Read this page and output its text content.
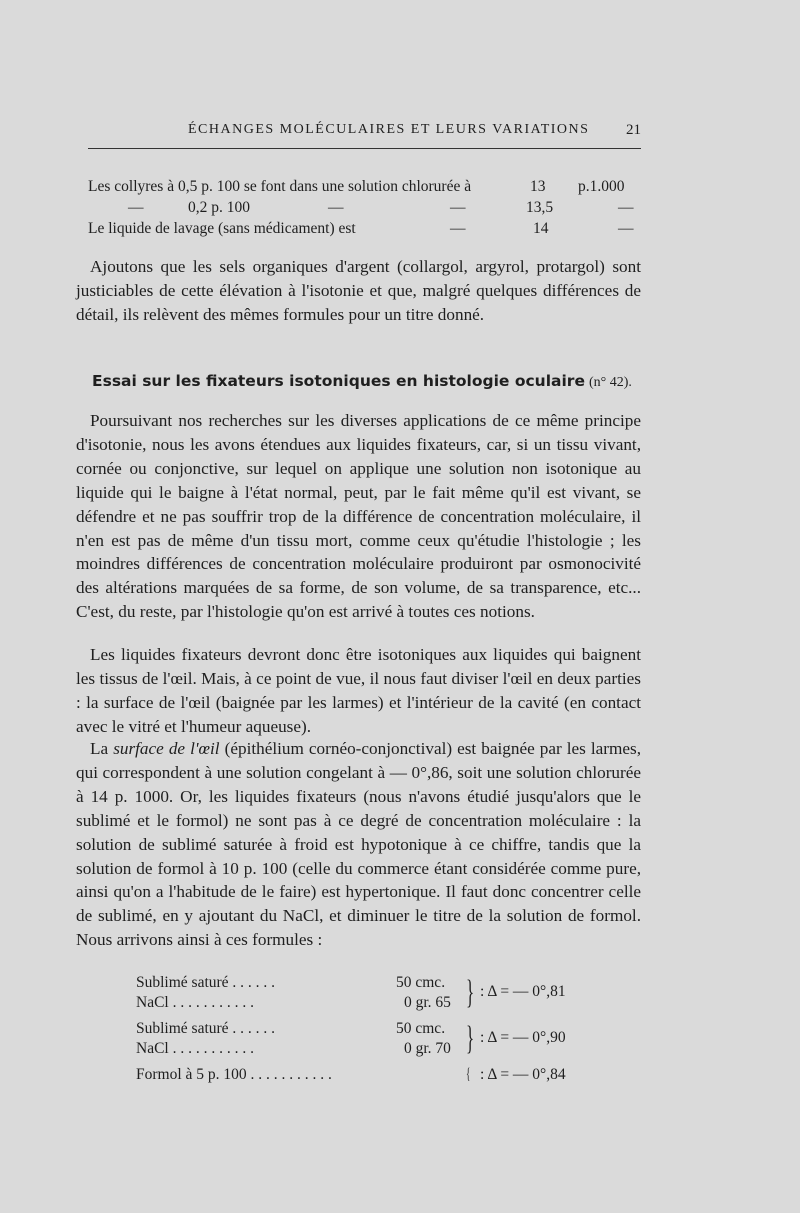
ÉCHANGES MOLÉCULAIRES ET LEURS VARIATIONS 21
Les collyres à 0,5 p. 100 se font dans une solution chlorurée à	13 p.1.000
—	0,2 p. 100	—	—	13,5	—
Le liquide de lavage (sans médicament) est	—	14	—

Ajoutons que les sels organiques d'argent (collargol, argyrol, protargol) sont justiciables de cette élévation à l'isotonie et que, malgré quelques différences de détail, ils relèvent des mêmes formules pour un titre donné.

Essai sur les fixateurs isotoniques en histologie oculaire (n° 42).

Poursuivant nos recherches sur les diverses applications de ce même principe d'isotonie, nous les avons étendues aux liquides fixateurs, car, si un tissu vivant, cornée ou conjonctive, sur lequel on applique une solution non isotonique au liquide qui le baigne à l'état normal, peut, par le fait même qu'il est vivant, se défendre et ne pas souffrir trop de la différence de concentration moléculaire, il n'en est pas de même d'un tissu mort, comme ceux qu'étudie l'histologie ; les moindres différences de concentration moléculaire produiront par osmonocivité des altérations marquées de sa forme, de son volume, de sa transparence, etc... C'est, du reste, par l'histologie qu'on est arrivé à toutes ces notions.

Les liquides fixateurs devront donc être isotoniques aux liquides qui baignent les tissus de l'œil. Mais, à ce point de vue, il nous faut diviser l'œil en deux parties : la surface de l'œil (baignée par les larmes) et l'intérieur de la cavité (en contact avec le vitré et l'humeur aqueuse).

La surface de l'œil (épithélium cornéo-conjonctival) est baignée par les larmes, qui correspondent à une solution congelant à — 0°,86, soit une solution chlorurée à 14 p. 1000. Or, les liquides fixateurs (nous n'avons étudié jusqu'alors que le sublimé et le formol) ne sont pas à ce degré de concentration moléculaire : la solution de sublimé saturée à froid est hypotonique à ce chiffre, tandis que la solution de formol à 10 p. 100 (celle du commerce étant considérée comme pure, ainsi qu'on a l'habitude de le faire) est hypertonique. Il faut donc concentrer celle de sublimé, en y ajoutant du NaCl, et diminuer le titre de la solution de formol. Nous arrivons ainsi à ces formules :

Sublimé saturé . . . . . .	50 cmc.
NaCl . . . . . . . . . . .	0 gr. 65 } : Δ = — 0°,81
Sublimé saturé . . . . . .	50 cmc.
NaCl . . . . . . . . . . .	0 gr. 70 } : Δ = — 0°,90
Formol à 5 p. 100 . . . . . . . . . . .	{ : Δ = — 0°,84
